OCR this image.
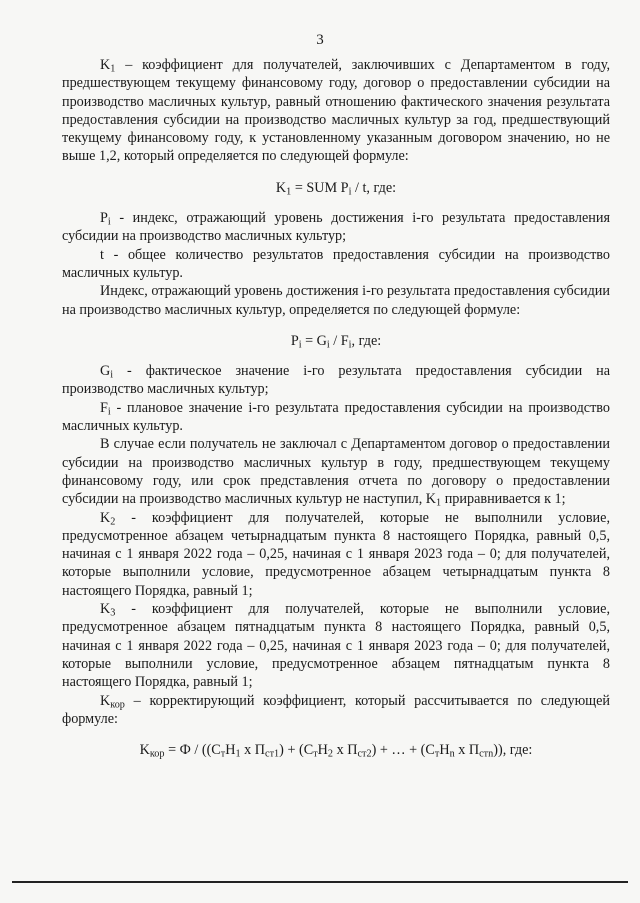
3

$K_1$ – коэффициент для получателей, заключивших с Департаментом в году, предшествующем текущему финансовому году, договор о предоставлении субсидии на производство масличных культур, равный отношению фактического значения результата предоставления субсидии на производство масличных культур за год, предшествующий текущему финансовому году, к установленному указанным договором значению, но не выше 1,2, который определяется по следующей формуле:

$K_1$ = SUM $P_i$ / t, где:

$P_i$ - индекс, отражающий уровень достижения i-го результата предоставления субсидии на производство масличных культур;

t - общее количество результатов предоставления субсидии на производство масличных культур.

Индекс, отражающий уровень достижения i-го результата предоставления субсидии на производство масличных культур, определяется по следующей формуле:

$P_i = G_i / F_i$, где:

$G_i$ - фактическое значение i-го результата предоставления субсидии на производство масличных культур;

$F_i$ - плановое значение i-го результата предоставления субсидии на производство масличных культур.

В случае если получатель не заключал с Департаментом договор о предоставлении субсидии на производство масличных культур в году, предшествующем текущему финансовому году, или срок представления отчета по договору о предоставлении субсидии на производство масличных культур не наступил, $K_1$ приравнивается к 1;

$K_2$ - коэффициент для получателей, которые не выполнили условие, предусмотренное абзацем четырнадцатым пункта 8 настоящего Порядка, равный 0,5, начиная с 1 января 2022 года – 0,25, начиная с 1 января 2023 года – 0; для получателей, которые выполнили условие, предусмотренное абзацем четырнадцатым пункта 8 настоящего Порядка, равный 1;

$K_3$ - коэффициент для получателей, которые не выполнили условие, предусмотренное абзацем пятнадцатым пункта 8 настоящего Порядка, равный 0,5, начиная с 1 января 2022 года – 0,25, начиная с 1 января 2023 года – 0; для получателей, которые выполнили условие, предусмотренное абзацем пятнадцатым пункта 8 настоящего Порядка, равный 1;

$K_{кор}$ – корректирующий коэффициент, который рассчитывается по следующей формуле:

$K_{кор} = Ф / ((С_тН_1$ х $П_{ст1}) + (С_тН_2$ х $П_{ст2}$) + … + ($С_тН_n$ х $П_{стn}$)), где:
